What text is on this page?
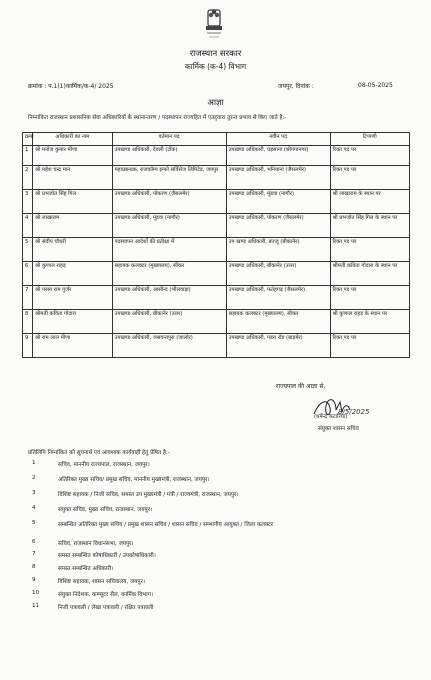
राजस्थान सरकार
कार्मिक (क-4) विभाग
क्रमांक : प.1(1)कार्मिक/क-4/ 2025	जयपुर, दिनांक :	08-05-2025
आज्ञा
निम्नांकित राजस्थान प्रशासनिक सेवा अधिकारियों के स्थानान्तरण / पदस्थापन राज्यहित में एतद्द्वारा तुरन्त प्रभाव से किए जाते है:-
क्रमां	अधिकारी का नाम	वर्तमान पद	नवीन पद	टिप्पणी
1	श्री मनोज कुमार मीणा	उपखण्ड अधिकारी, देवली (टोंक)	उपखण्ड अधिकारी, घड़साना (श्रीगंगानगर)	रिक्त पद पर
2	श्री महेश चन्द्र मान	महाप्रबन्धक, राजकॉम्प इन्फो सर्विसेज लिमिटेड, जयपुर	उपखण्ड अधिकारी, भनियाना (जैसलमेर)	रिक्त पद पर
3	श्री प्रभजोत सिंह गिल	उपखण्ड अधिकारी, पोकरण (जैसलमेर)	उपखण्ड अधिकारी, मूंडवा (नागौर)	श्री लाखाराम के स्थान पर
4	श्री लाखाराम	उपखण्ड अधिकारी, मूंडवा (नागौर)	उपखण्ड अधिकारी, पोकरण (जैसलमेर)	श्री प्रभजोत सिंह गिल के स्थान पर
5	श्री संदीप चौधरी	पदस्थापन आदेशों की प्रतीक्षा में	उप खण्ड अधिकारी, बज्जू (बीकानेर)	रिक्त पद पर
6	श्री कुणाल राहड़	सहायक कलक्टर (मुख्यालय), सीकर	उपखण्ड अधिकारी, बीकानेर (उत्तर)	श्रीमती कविता गोदारा के स्थान पर
7	श्री परसा राम गुर्जर	उपखण्ड अधिकारी, आसीन्द (भीलवाड़ा)	उपखण्ड अधिकारी, फतेहगढ़ (जैसलमेर)	रिक्त पद पर
8	श्रीमती कविता गोदारा	उपखण्ड अधिकारी, बीकानेर (उत्तर)	सहायक कलक्टर (मुख्यालय), सीकर	श्री कुणाल राहड़ के स्थान पर
9	श्री राम लाल मीणा	उपखण्ड अधिकारी, जसवन्तपुरा (जालोर)	उपखण्ड अधिकारी, गडरा रोड (बाड़मेर)	रिक्त पद पर
राज्यपाल की आज्ञा से,
8/5/2025
(धर्मेन्द्र कटारिया)
संयुक्त शासन सचिव
प्रतिलिपि निम्नांकित को सूचनार्थ एवं आवश्यक कार्यवाही हेतु प्रेषित है:-
1	सचिव, माननीय राज्यपाल, राजस्थान, जयपुर।
2	अतिरिक्त मुख्य सचिव/ प्रमुख सचिव, माननीय मुख्यमंत्री, राजस्थान, जयपुर।
3	विशिष्ट सहायक / निजी सचिव, समस्त उप मुख्यमंत्री / मंत्री / राज्यमंत्री, राजस्थान, जयपुर।
4	संयुक्त सचिव, मुख्य सचिव, राजस्थान, जयपुर।
5	सम्बन्धित अतिरिक्त मुख्य सचिव / प्रमुख शासन सचिव / शासन सचिव / सम्भागीय आयुक्त / जिला कलक्टर
6	सचिव, राजस्थान विधानसभा, जयपुर।
7	समस्त सम्बन्धित कोषाधिकारी / उपकोषाधिकारी।
8	समस्त सम्बन्धित अधिकारी।
9	विशिष्ट सहायक, शासन सचिवालय, जयपुर।
10	संयुक्त निदेशक, कम्प्यूटर सैल, कार्मिक विभाग।
11	निजी पत्रावली / लेखा पत्रावली / रक्षित पत्रावली
